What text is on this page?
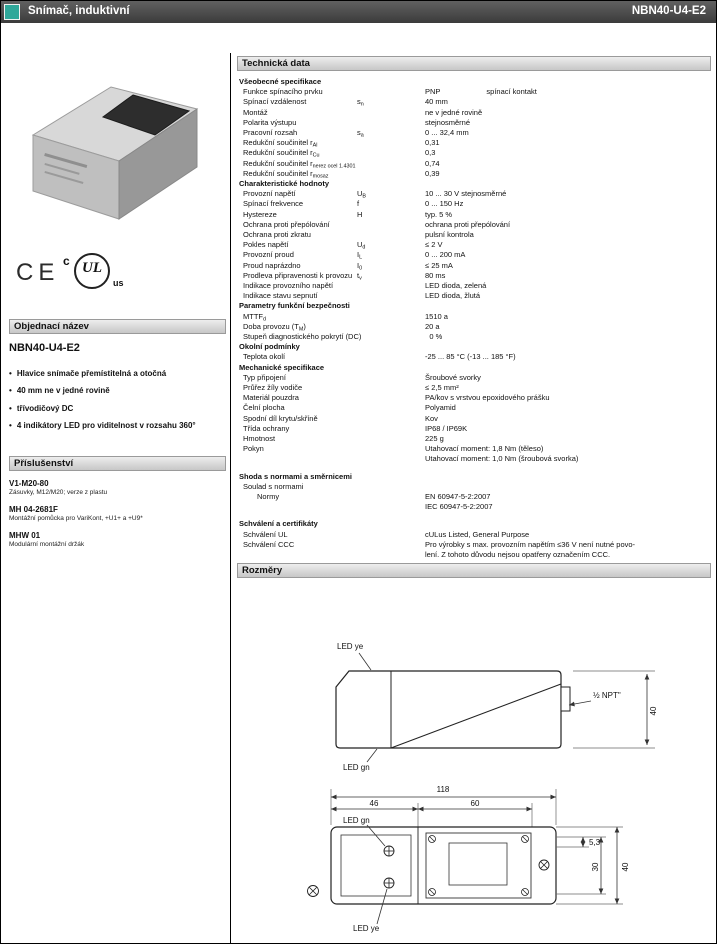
Snímač, induktivní	NBN40-U4-E2
CE c UL
us
Objednací název
NBN40-U4-E2
• Hlavice snímače přemístitelná a otočná
• 40 mm ne v jedné rovině
• třívodičový DC
• 4 indikátory LED pro viditelnost v rozsahu 360°
Příslušenství
V1-M20-80
Zásuvky, M12/M20; verze z plastu
MH 04-2681F
Montážní pomůcka pro VariKont, +U1+ a +U9*
MHW 01
Modulární montážní držák
Technická data
Všeobecné specifikace
Funkce spínacího prvku	PNP	spínací kontakt
Spínací vzdálenost	$s_n$	40 mm
Montáž	ne v jedné rovině
Polarita výstupu	stejnosměrné
Pracovní rozsah	$s_a$	0 ... 32,4 mm
Redukční součinitel $r_{Al}$	0,31
Redukční součinitel $r_{Cu}$	0,3
Redukční součinitel $r_{nerez ocel 1.4301}$	0,74
Redukční součinitel $r_{mosaz}$	0,39
Charakteristické hodnoty
Provozní napětí	$U_B$	10 ... 30 V stejnosměrné
Spínací frekvence	f	0 ... 150 Hz
Hystereze	H	typ. 5 %
Ochrana proti přepólování	ochrana proti přepólování
Ochrana proti zkratu	pulsní kontrola
Pokles napětí	$U_d$	≤ 2 V
Provozní proud	$I_L$	0 ... 200 mA
Proud naprázdno	$I_0$	≤ 25 mA
Prodleva připravenosti k provozu $t_v$	80 ms
Indikace provozního napětí	LED dioda, zelená
Indikace stavu sepnutí	LED dioda, žlutá
Parametry funkční bezpečnosti
$MTTF_d$	1510 a
Doba provozu $(T_M)$	20 a
Stupeň diagnostického pokrytí (DC)	0 %
Okolní podmínky
Teplota okolí	-25 ... 85 °C (-13 ... 185 °F)
Mechanické specifikace
Typ připojení	Šroubové svorky
Průřez žíly vodiče	≤ 2,5 mm²
Materiál pouzdra	PA/kov s vrstvou epoxidového prášku
Čelní plocha	Polyamid
Spodní díl krytu/skříně	Kov
Třída ochrany	IP68 / IP69K
Hmotnost	225 g
Pokyn	Utahovací moment: 1,8 Nm (těleso)
Utahovací moment: 1,0 Nm (šroubová svorka)
Shoda s normami a směrnicemi
Soulad s normami
Normy	EN 60947-5-2:2007
IEC 60947-5-2:2007
Schválení a certifikáty
Schválení UL	cULus Listed, General Purpose
Schválení CCC	Pro výrobky s max. provozním napětím ≤36 V není nutné povo-
lení. Z tohoto důvodu nejsou opatřeny označením CCC.
Rozměry
40
LED ye
LED gn
½ NPT"
118
46	60
5,3
30	40
LED gn
LED ye
